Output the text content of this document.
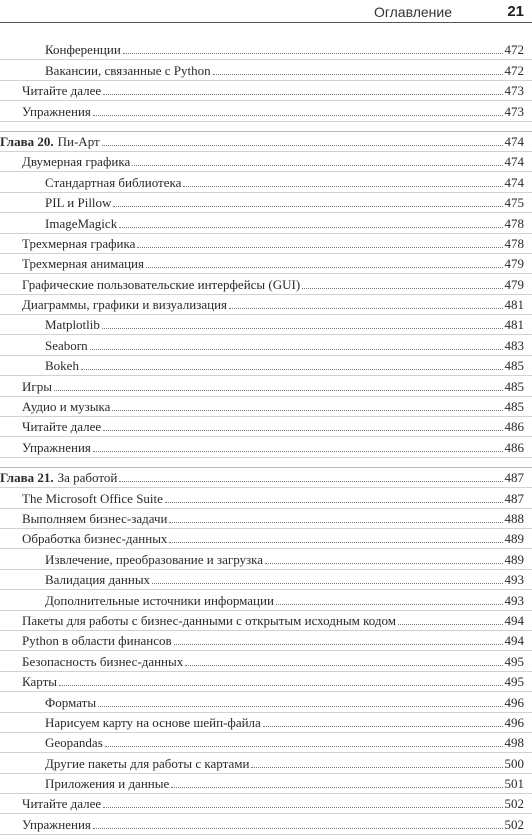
Оглавление	21
Конференции	472
Вакансии, связанные с Python	472
Читайте далее	473
Упражнения	473
Глава 20. Пи-Арт	474
Двумерная графика	474
Стандартная библиотека	474
PIL и Pillow	475
ImageMagick	478
Трехмерная графика	478
Трехмерная анимация	479
Графические пользовательские интерфейсы (GUI)	479
Диаграммы, графики и визуализация	481
Matplotlib	481
Seaborn	483
Bokeh	485
Игры	485
Аудио и музыка	485
Читайте далее	486
Упражнения	486
Глава 21. За работой	487
The Microsoft Office Suite	487
Выполняем бизнес-задачи	488
Обработка бизнес-данных	489
Извлечение, преобразование и загрузка	489
Валидация данных	493
Дополнительные источники информации	493
Пакеты для работы с бизнес-данными с открытым исходным кодом	494
Python в области финансов	494
Безопасность бизнес-данных	495
Карты	495
Форматы	496
Нарисуем карту на основе шейп-файла	496
Geopandas	498
Другие пакеты для работы с картами	500
Приложения и данные	501
Читайте далее	502
Упражнения	502
